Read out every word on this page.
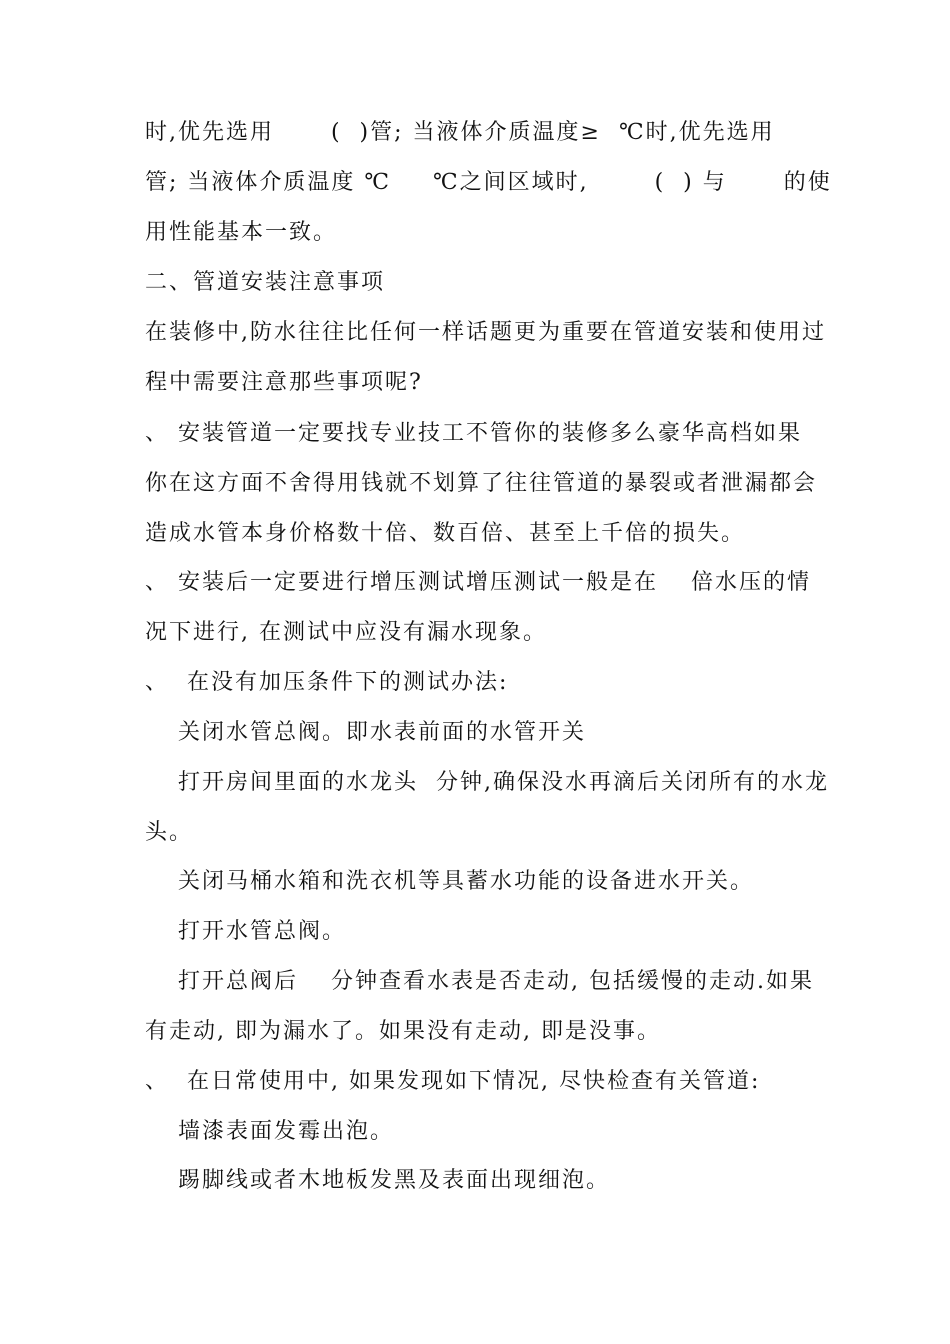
时,优先选用 　　(  )管; 当液体介质温度≥  ℃时,优先选用
管; 当液体介质温度 ℃  　℃之间区域时,  　　(  ) 与 　　的使
用性能基本一致。
二、管道安装注意事项
在装修中,防水往往比任何一样话题更为重要在管道安装和使用过
程中需要注意那些事项呢?
、 安装管道一定要找专业技工不管你的装修多么豪华高档如果
你在这方面不舍得用钱就不划算了往往管道的暴裂或者泄漏都会
造成水管本身价格数十倍、数百倍、甚至上千倍的损失。
、 安装后一定要进行增压测试增压测试一般是在 　倍水压的情
况下进行, 在测试中应没有漏水现象。
、  在没有加压条件下的测试办法:
关闭水管总阀。即水表前面的水管开关
打开房间里面的水龙头  分钟,确保没水再滴后关闭所有的水龙
头。
关闭马桶水箱和洗衣机等具蓄水功能的设备进水开关。
打开水管总阀。
打开总阀后 　分钟查看水表是否走动, 包括缓慢的走动.如果
有走动, 即为漏水了。如果没有走动, 即是没事。
、  在日常使用中, 如果发现如下情况, 尽快检查有关管道:
墙漆表面发霉出泡。
踢脚线或者木地板发黑及表面出现细泡。
